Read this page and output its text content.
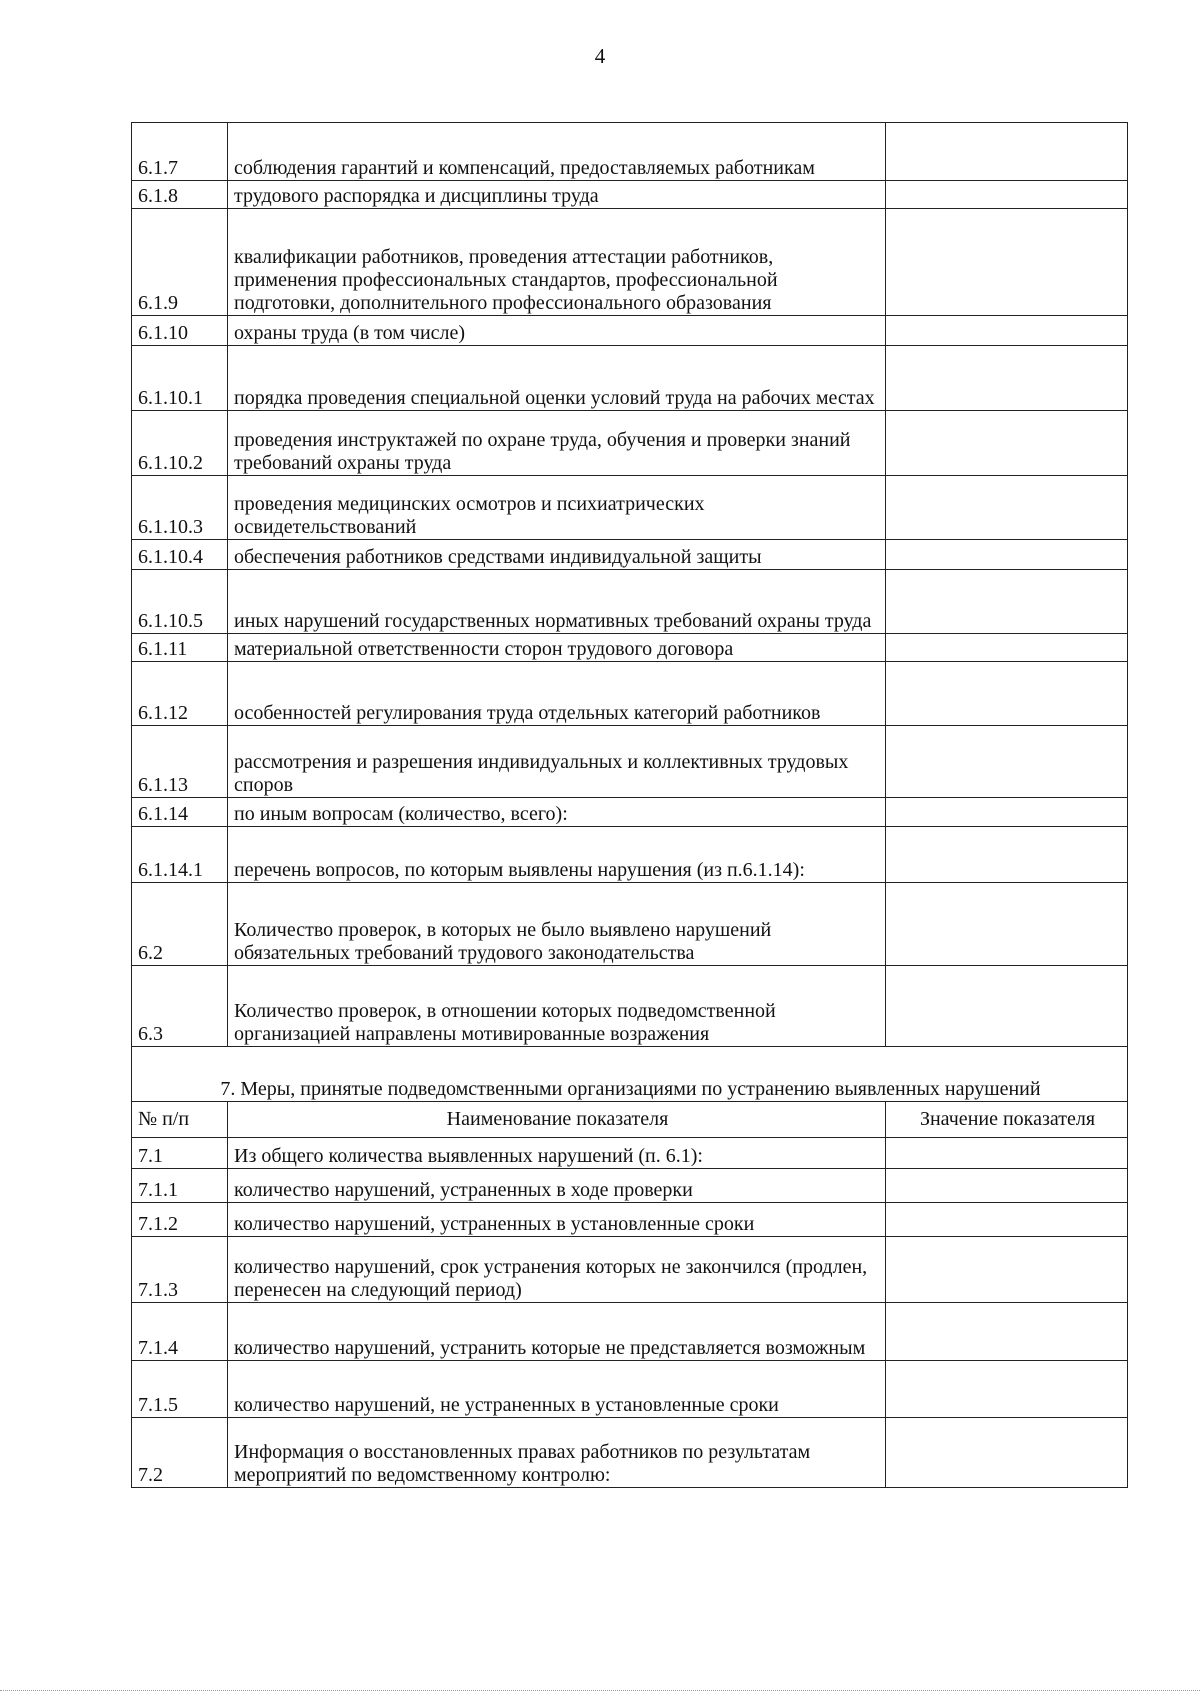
4
6.1.7	соблюдения гарантий и компенсаций, предоставляемых работникам	
6.1.8	трудового распорядка и дисциплины труда	
6.1.9	квалификации работников, проведения аттестации работников, применения профессиональных стандартов, профессиональной подготовки, дополнительного профессионального образования	
6.1.10	охраны труда (в том числе)	
6.1.10.1	порядка проведения специальной оценки условий труда на рабочих местах	
6.1.10.2	проведения инструктажей по охране труда, обучения и проверки знаний требований охраны труда	
6.1.10.3	проведения медицинских осмотров и психиатрических освидетельствований	
6.1.10.4	обеспечения работников средствами индивидуальной защиты	
6.1.10.5	иных нарушений государственных нормативных требований охраны труда	
6.1.11	материальной ответственности сторон трудового договора	
6.1.12	особенностей регулирования труда отдельных категорий работников	
6.1.13	рассмотрения и разрешения индивидуальных и коллективных трудовых споров	
6.1.14	по иным вопросам (количество, всего):	
6.1.14.1	перечень вопросов, по которым выявлены нарушения (из п.6.1.14):	
6.2	Количество проверок, в которых не было выявлено нарушений обязательных требований трудового законодательства	
6.3	Количество проверок, в отношении которых подведомственной организацией направлены мотивированные возражения	
7. Меры, принятые подведомственными организациями по устранению выявленных нарушений		
№ п/п	Наименование показателя	Значение показателя
7.1	Из общего количества выявленных нарушений (п. 6.1):	
7.1.1	количество нарушений, устраненных в ходе проверки	
7.1.2	количество нарушений, устраненных в установленные сроки	
7.1.3	количество нарушений, срок устранения которых не закончился (продлен, перенесен на следующий период)	
7.1.4	количество нарушений, устранить которые не представляется возможным	
7.1.5	количество нарушений, не устраненных в установленные сроки	
7.2	Информация о восстановленных правах работников по результатам мероприятий по ведомственному контролю:	
